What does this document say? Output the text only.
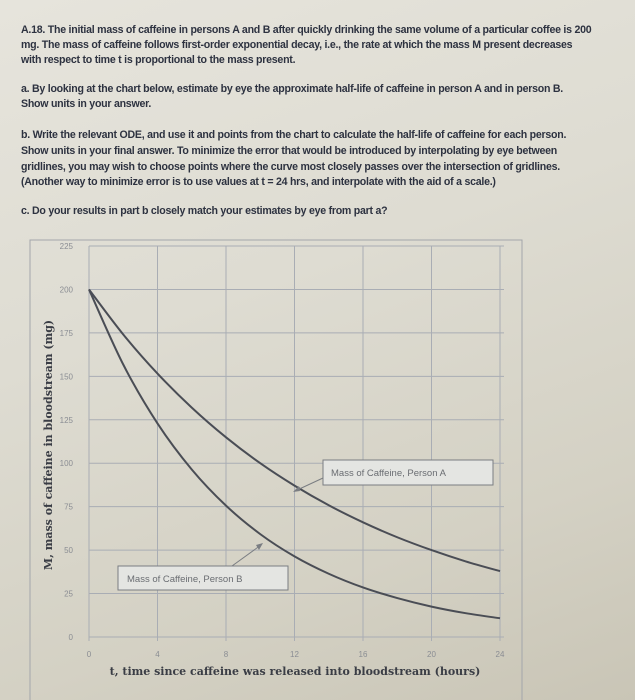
A.18. The initial mass of caffeine in persons A and B after quickly drinking the same volume of a particular coffee is 200
mg. The mass of caffeine follows first-order exponential decay, i.e., the rate at which the mass M present decreases
with respect to time t is proportional to the mass present.
a. By looking at the chart below, estimate by eye the approximate half-life of caffeine in person A and in person B.
Show units in your answer.
b. Write the relevant ODE, and use it and points from the chart to calculate the half-life of caffeine for each person.
Show units in your final answer. To minimize the error that would be introduced by interpolating by eye between
gridlines, you may wish to choose points where the curve most closely passes over the intersection of gridlines.
(Another way to minimize error is to use values at t = 24 hrs, and interpolate with the aid of a scale.)
c. Do your results in part b closely match your estimates by eye from part a?
0
25
50
75
100
125
150
175
200
225
0	4	8	12	16	20	24
M, mass of caffeine in bloodstream (mg)
t, time since caffeine was released into bloodstream (hours)
Mass of Caffeine, Person A
Mass of Caffeine, Person B
